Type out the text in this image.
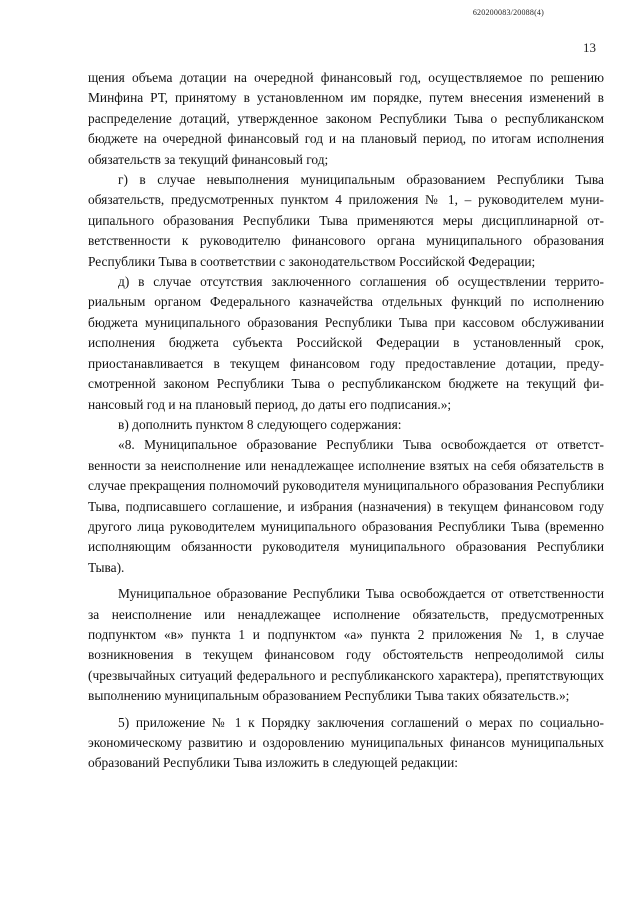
620200083/20088(4)
13

щения объема дотации на очередной финансовый год, осуществляемое по решению Минфина РТ, принятому в установленном им порядке, путем внесения изменений в распределение дотаций, утвержденное законом Республики Тыва о республиканском бюджете на очередной финансовый год и на плановый период, по итогам исполнения обязательств за текущий финансовый год;

г) в случае невыполнения муниципальным образованием Республики Тыва обязательств, предусмотренных пунктом 4 приложения № 1, – руководителем муниципального образования Республики Тыва применяются меры дисциплинарной ответственности к руководителю финансового органа муниципального образования Республики Тыва в соответствии с законодательством Российской Федерации;

д) в случае отсутствия заключенного соглашения об осуществлении территориальным органом Федерального казначейства отдельных функций по исполнению бюджета муниципального образования Республики Тыва при кассовом обслуживании исполнения бюджета субъекта Российской Федерации в установленный срок, приостанавливается в текущем финансовом году предоставление дотации, предусмотренной законом Республики Тыва о республиканском бюджете на текущий финансовый год и на плановый период, до даты его подписания.»;

в) дополнить пунктом 8 следующего содержания:

«8. Муниципальное образование Республики Тыва освобождается от ответственности за неисполнение или ненадлежащее исполнение взятых на себя обязательств в случае прекращения полномочий руководителя муниципального образования Республики Тыва, подписавшего соглашение, и избрания (назначения) в текущем финансовом году другого лица руководителем муниципального образования Республики Тыва (временно исполняющим обязанности руководителя муниципального образования Республики Тыва).

Муниципальное образование Республики Тыва освобождается от ответственности за неисполнение или ненадлежащее исполнение обязательств, предусмотренных подпунктом «в» пункта 1 и подпунктом «а» пункта 2 приложения № 1, в случае возникновения в текущем финансовом году обстоятельств непреодолимой силы (чрезвычайных ситуаций федерального и республиканского характера), препятствующих выполнению муниципальным образованием Республики Тыва таких обязательств.»;

5) приложение № 1 к Порядку заключения соглашений о мерах по социально-экономическому развитию и оздоровлению муниципальных финансов муниципальных образований Республики Тыва изложить в следующей редакции:
